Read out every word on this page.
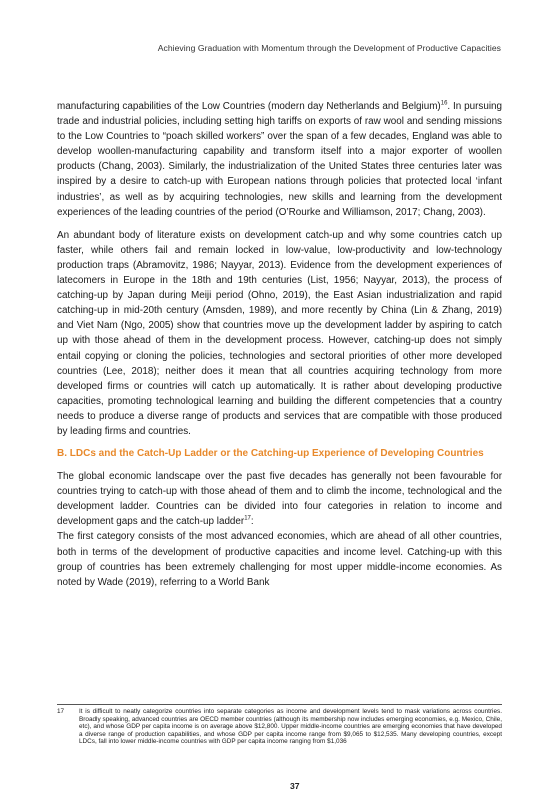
Achieving Graduation with Momentum through the Development of Productive Capacities

manufacturing capabilities of the Low Countries (modern day Netherlands and Belgium)$^{16}$. In pursuing trade and industrial policies, including setting high tariffs on exports of raw wool and sending missions to the Low Countries to “poach skilled workers” over the span of a few decades, England was able to develop woollen-manufacturing capability and transform itself into a major exporter of woollen products (Chang, 2003). Similarly, the industrialization of the United States three centuries later was inspired by a desire to catch-up with European nations through policies that protected local ‘infant industries’, as well as by acquiring technologies, new skills and learning from the development experiences of the leading countries of the period (O’Rourke and Williamson, 2017; Chang, 2003).

An abundant body of literature exists on development catch-up and why some countries catch up faster, while others fail and remain locked in low-value, low-productivity and low-technology production traps (Abramovitz, 1986; Nayyar, 2013). Evidence from the development experiences of latecomers in Europe in the 18th and 19th centuries (List, 1956; Nayyar, 2013), the process of catching-up by Japan during Meiji period (Ohno, 2019), the East Asian industrialization and rapid catching-up in mid-20th century (Amsden, 1989), and more recently by China (Lin & Zhang, 2019) and Viet Nam (Ngo, 2005) show that countries move up the development ladder by aspiring to catch up with those ahead of them in the development process. However, catching-up does not simply entail copying or cloning the policies, technologies and sectoral priorities of other more developed countries (Lee, 2018); neither does it mean that all countries acquiring technology from more developed firms or countries will catch up automatically. It is rather about developing productive capacities, promoting technological learning and building the different competencies that a country needs to produce a diverse range of products and services that are compatible with those produced by leading firms and countries.

B. LDCs and the Catch-Up Ladder or the Catching-up Experience of Developing Countries

The global economic landscape over the past five decades has generally not been favourable for countries trying to catch-up with those ahead of them and to climb the income, technological and the development ladder. Countries can be divided into four categories in relation to income and development gaps and the catch-up ladder$^{17}$:

The first category consists of the most advanced economies, which are ahead of all other countries, both in terms of the development of productive capacities and income level. Catching-up with this group of countries has been extremely challenging for most upper middle-income economies. As noted by Wade (2019), referring to a World Bank

17	It is difficult to neatly categorize countries into separate categories as income and development levels tend to mask variations across countries. Broadly speaking, advanced countries are OECD member countries (although its membership now includes emerging economies, e.g. Mexico, Chile, etc), and whose GDP per capita income is on average above $12,800. Upper middle-income countries are emerging economies that have developed a diverse range of production capabilities, and whose GDP per capita income range from $9,065 to $12,535. Many developing countries, except LDCs, fall into lower middle-income countries with GDP per capita income ranging from $1,036
37
